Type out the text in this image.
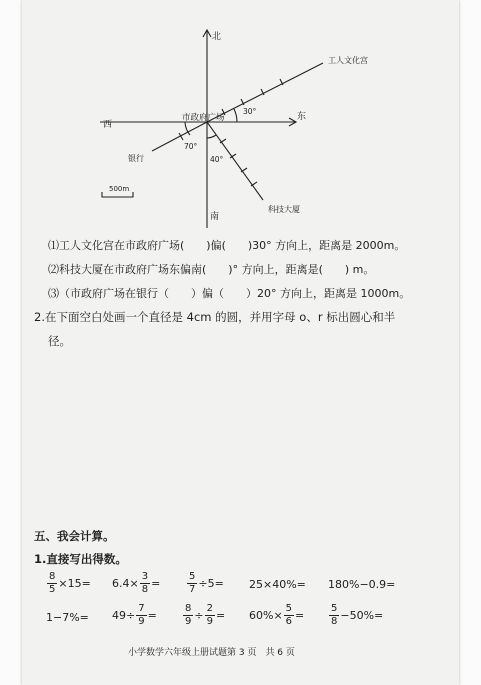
北
南
东
西
市政府广场
工人文化宫
银行
科技大厦
30°
70°
40°
500m
⑴工人文化宫在市政府广场(　　)偏(　　)30° 方向上，距离是 2000m。
⑵科技大厦在市政府广场东偏南(　　)° 方向上，距离是(　　) m。
⑶（市政府广场在银行（　　）偏（　　）20° 方向上，距离是 1000m。
2.在下面空白处画一个直径是 4cm 的圆，并用字母 o、r 标出圆心和半
径。
五、我会计算。
1.直接写出得数。
$\frac{8}{5} \times 15= 6.4\times \frac{3}{8}$ =	$\frac{5}{7} \div 5= 25\times 40\%= 180\%-0.9=$
$1-7\%= 49\div \frac{7}{9}$ =	$\frac{8}{9} \div \frac{2}{9} = 60\%\times \frac{5}{6} = \frac{5}{8} -50\%=$
小学数学六年级上册试题第 3 页　共 6 页
